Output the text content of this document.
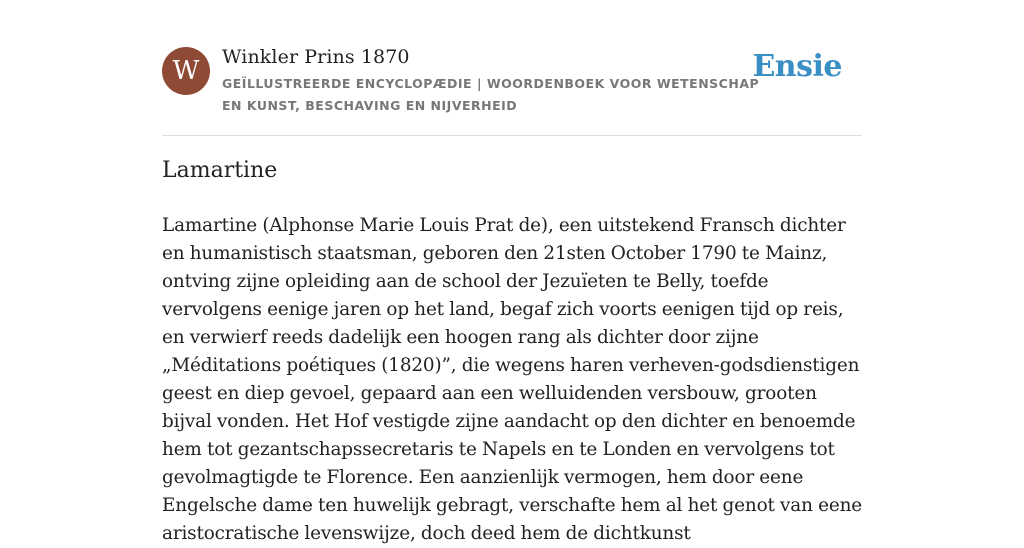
W	Winkler Prins 1870

GEÏLLUSTREERDE ENCYCLOPÆDIE | WOORDENBOEK VOOR WETENSCHAP EN KUNST, BESCHAVING EN NIJVERHEID

Ensie
Lamartine

Lamartine (Alphonse Marie Louis Prat de), een uitstekend Fransch dichter en humanistisch staatsman, geboren den 21sten October 1790 te Mainz, ontving zijne opleiding aan de school der Jezuïeten te Belly, toefde vervolgens eenige jaren op het land, begaf zich voorts eenigen tijd op reis, en verwierf reeds dadelijk een hoogen rang als dichter door zijne „Méditations poétiques (1820)”, die wegens haren verheven-godsdienstigen geest en diep gevoel, gepaard aan een welluidenden versbouw, grooten bijval vonden. Het Hof vestigde zijne aandacht op den dichter en benoemde hem tot gezantschapssecretaris te Napels en te Londen en vervolgens tot gevolmagtigde te Florence. Een aanzienlijk vermogen, hem door eene Engelsche dame ten huwelijk gebragt, verschafte hem al het genot van eene aristocratische levenswijze, doch deed hem de dichtkunst
